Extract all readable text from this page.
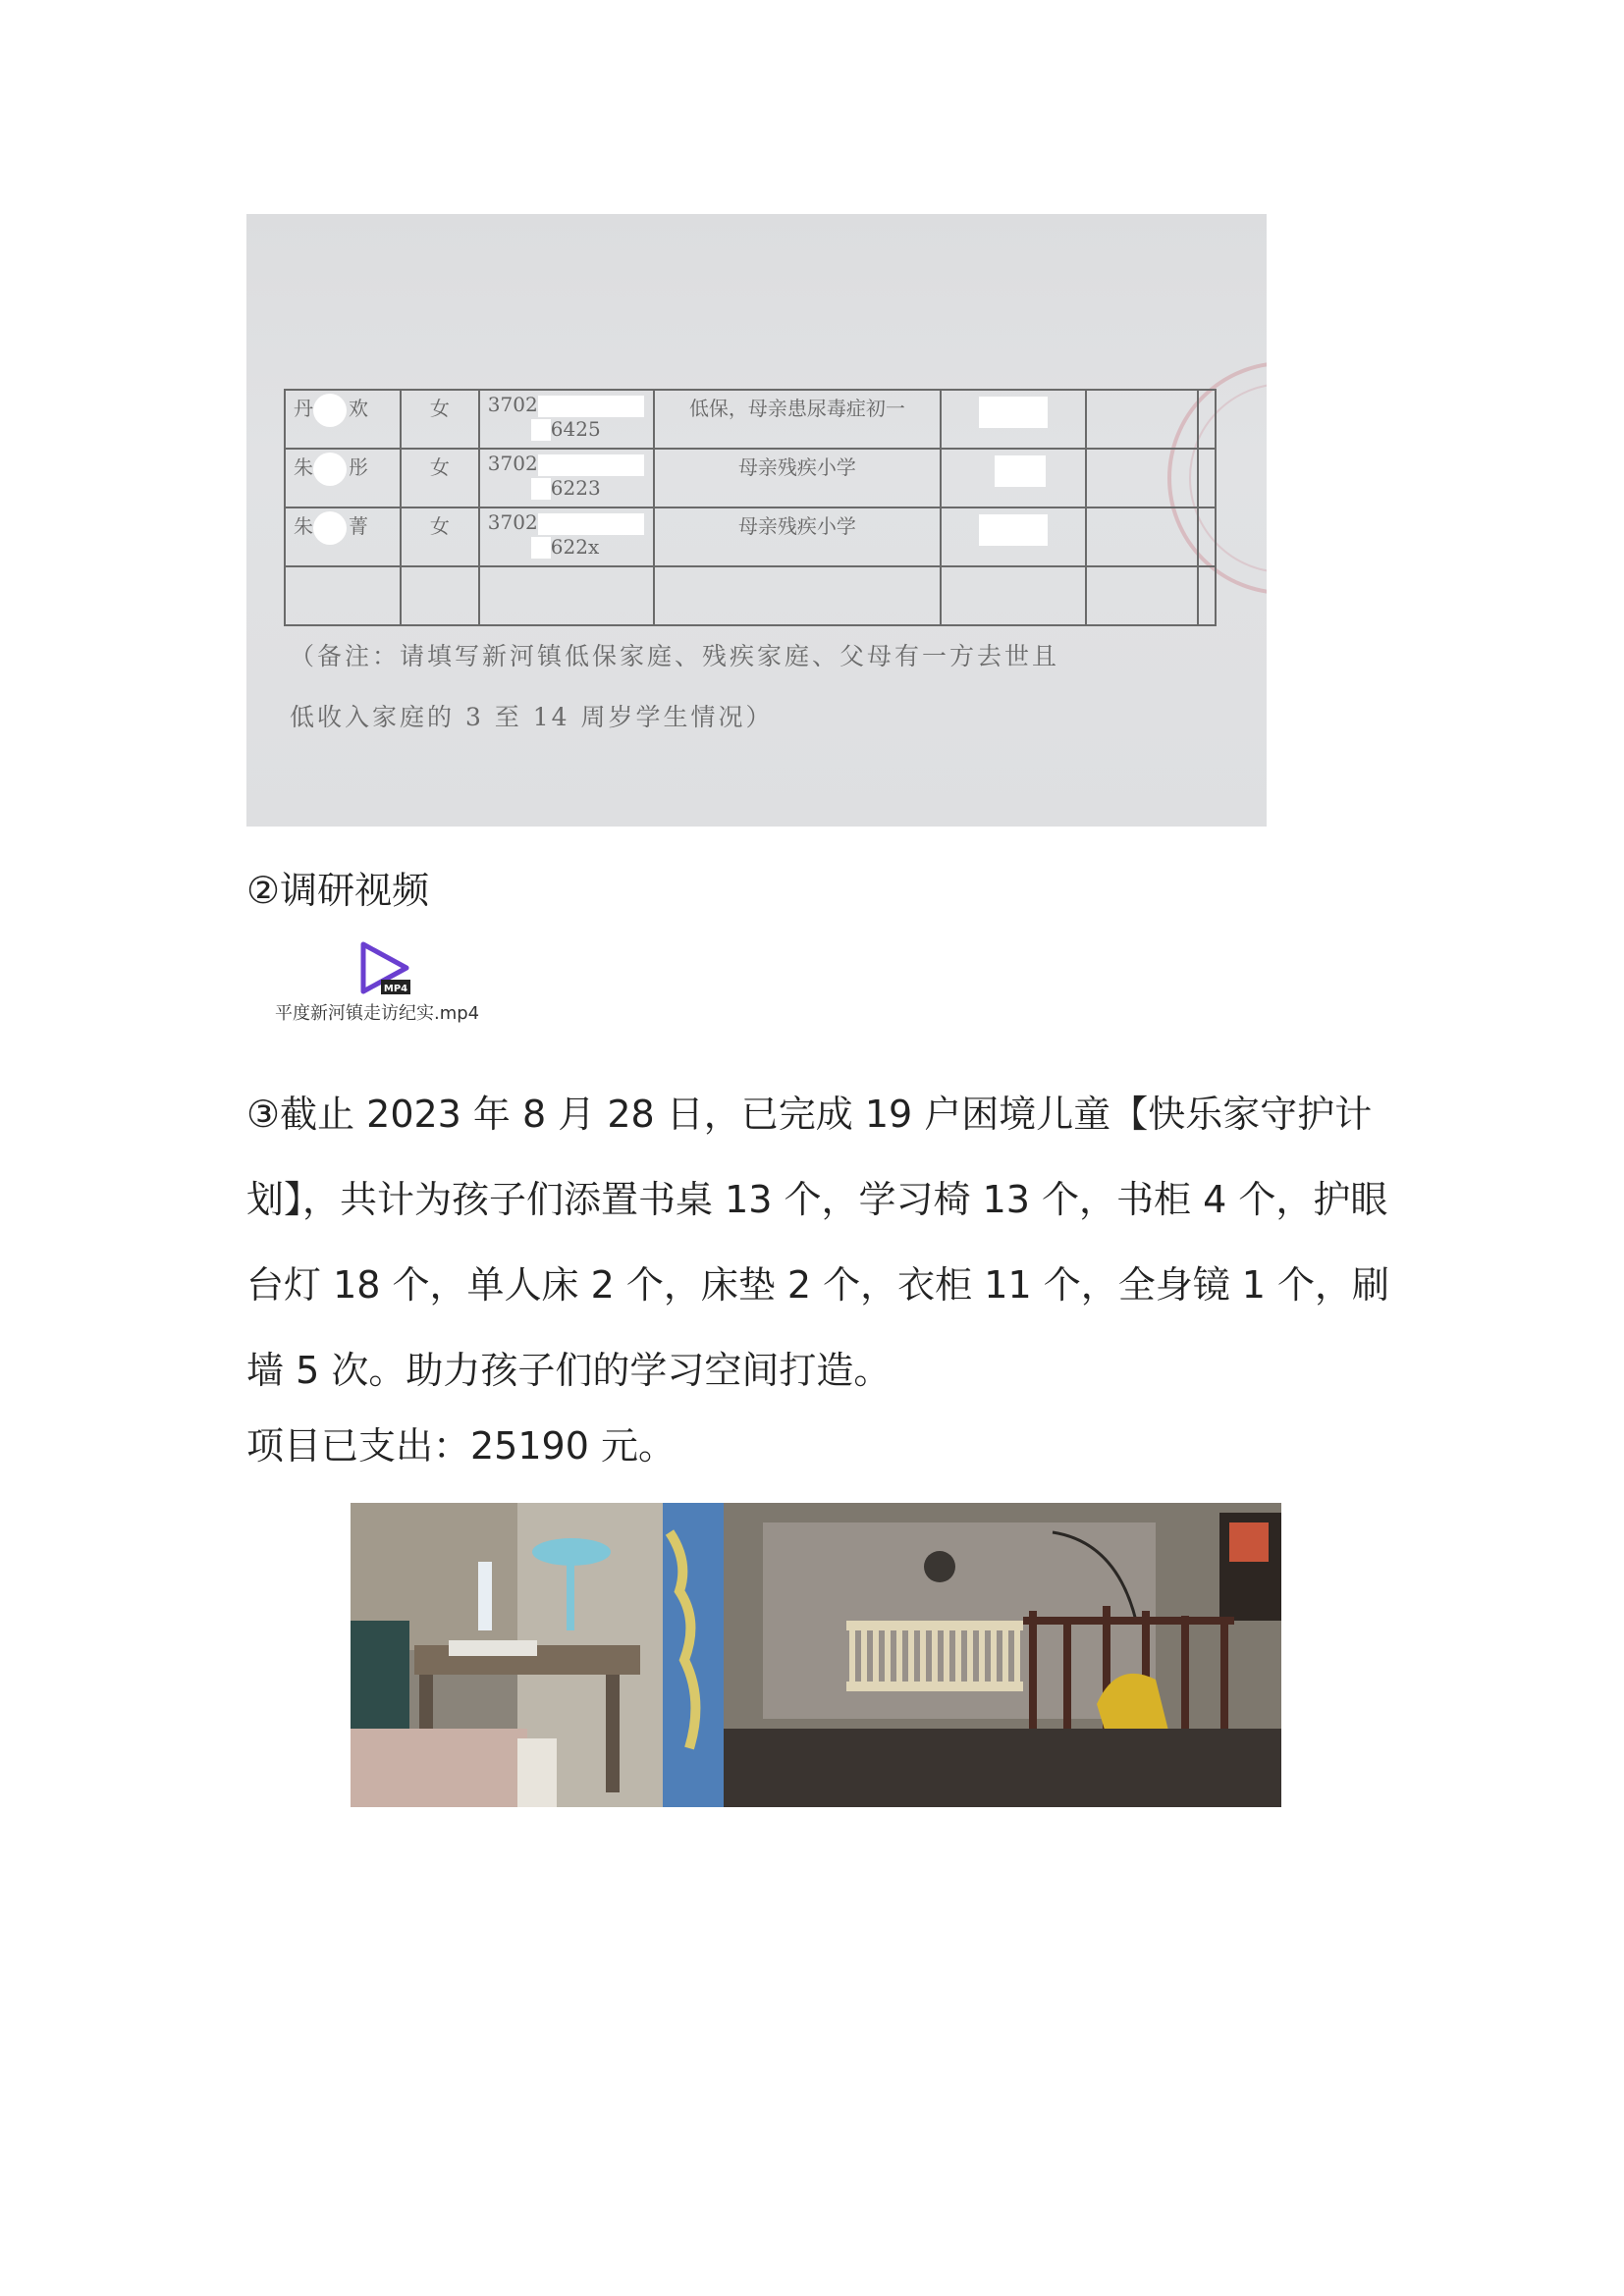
丹 欢	女	3702
6425	低保，母亲患尿毒症初一	

朱 彤	女	3702
6223	母亲残疾小学	

朱 菁	女	3702
622x	母亲残疾小学	

（备注：请填写新河镇低保家庭、残疾家庭、父母有一方去世且
低收入家庭的 3 至 14 周岁学生情况）
②调研视频
MP4
平度新河镇走访纪实.mp4
③截止 2023 年 8 月 28 日，已完成 19 户困境儿童【快乐家守护计划】，共计为孩子们添置书桌 13 个，学习椅 13 个，书柜 4 个，护眼台灯 18 个，单人床 2 个，床垫 2 个，衣柜 11 个，全身镜 1 个，刷墙 5 次。助力孩子们的学习空间打造。
项目已支出：25190 元。
